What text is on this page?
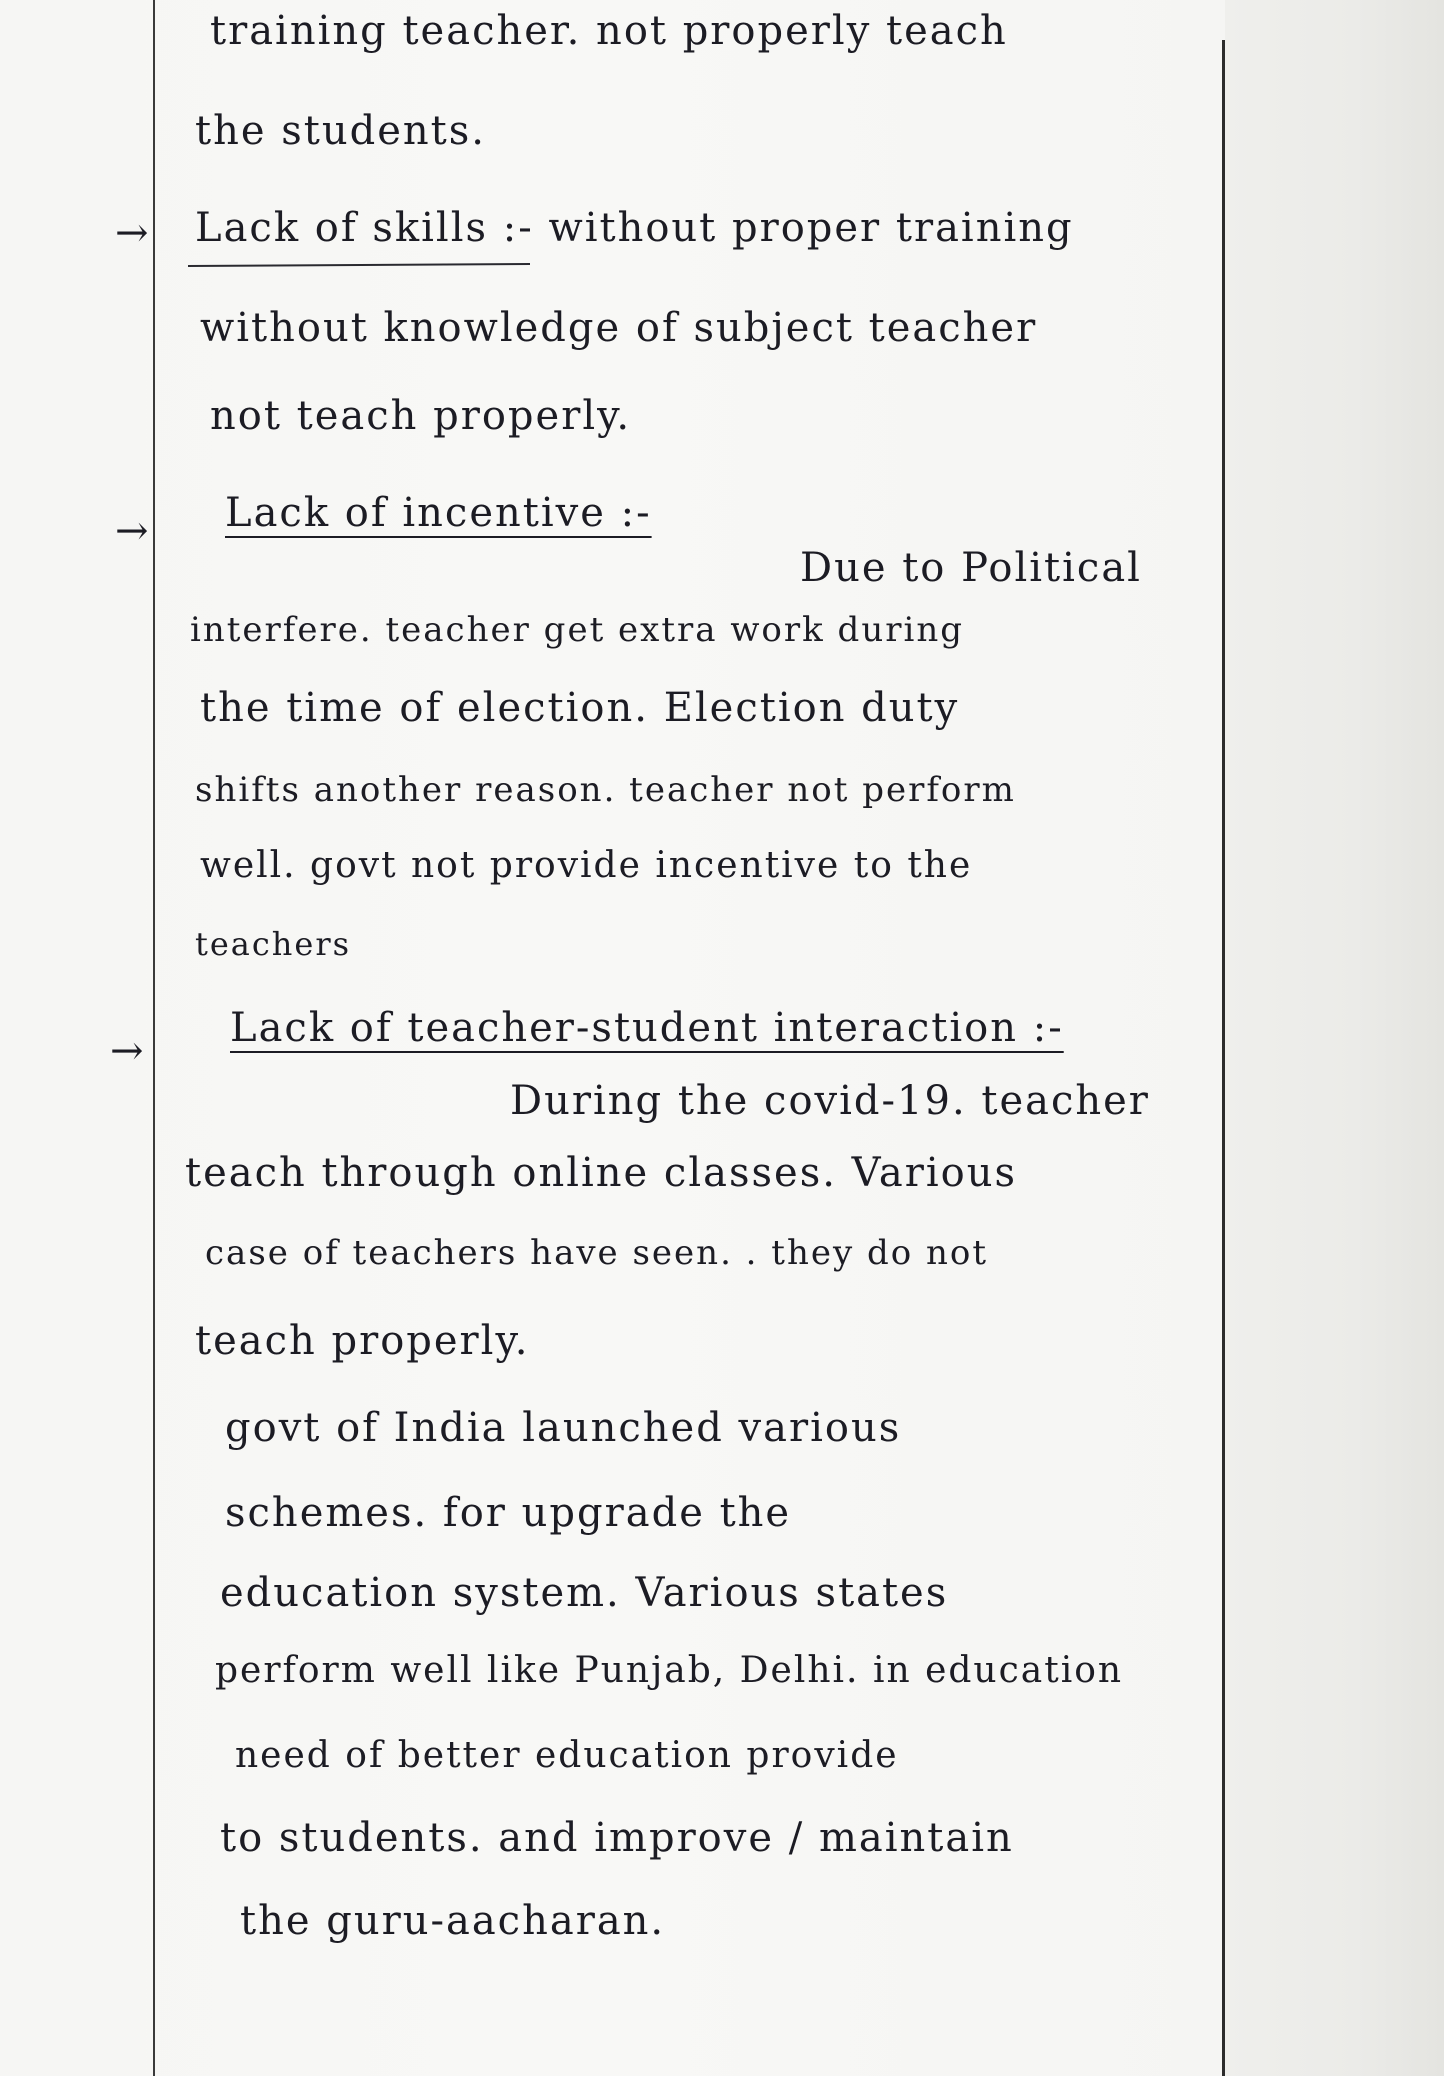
training teacher. not properly teach
the students.
→ Lack of skills :- without proper training
without knowledge of subject teacher
not teach properly.
→ Lack of incentive :-
Due to Political
interfere. teacher get extra work during
the time of election. Election duty
shifts another reason. teacher not perform
well. govt not provide incentive to the
teachers
→ Lack of teacher-student interaction :-
During the covid-19. teacher
teach through online classes. Various
case of teachers have seen. . they do not
teach properly.
govt of India launched various
schemes. for upgrade the
education system. Various states
perform well like Punjab, Delhi. in education
need of better education provide
to students. and improve / maintain
the guru-aacharan.
